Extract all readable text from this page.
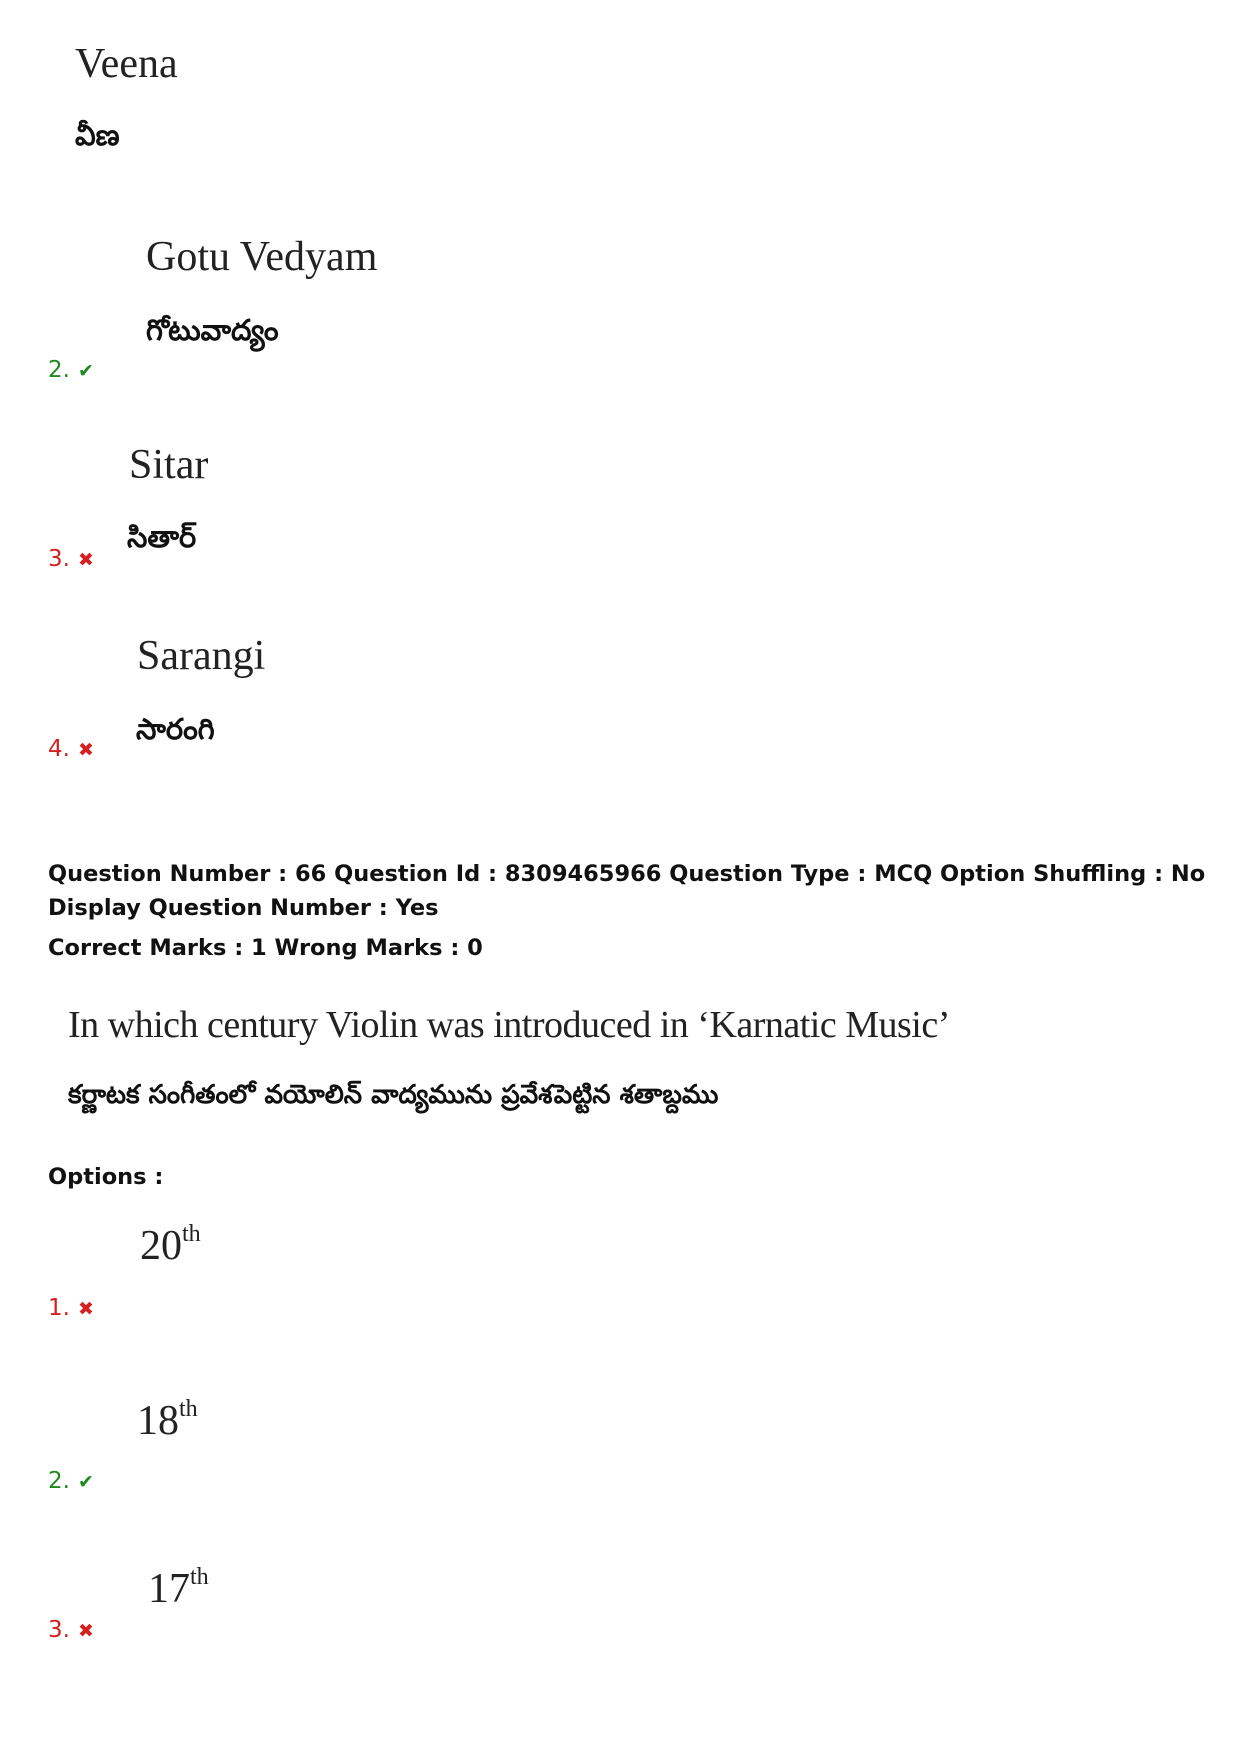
Veena
వీణ
Gotu Vedyam
గోటువాద్యం
2. ✔
Sitar
సితార్
3. ✖
Sarangi
సారంగి
4. ✖
Question Number : 66 Question Id : 8309465966 Question Type : MCQ Option Shuffling : No
Display Question Number : Yes
Correct Marks : 1 Wrong Marks : 0
In which century Violin was introduced in ‘Karnatic Music’
కర్ణాటక సంగీతంలో వయోలిన్ వాద్యమును ప్రవేశపెట్టిన శతాబ్దము
Options :
20th
1. ✖
18th
2. ✔
17th
3. ✖
